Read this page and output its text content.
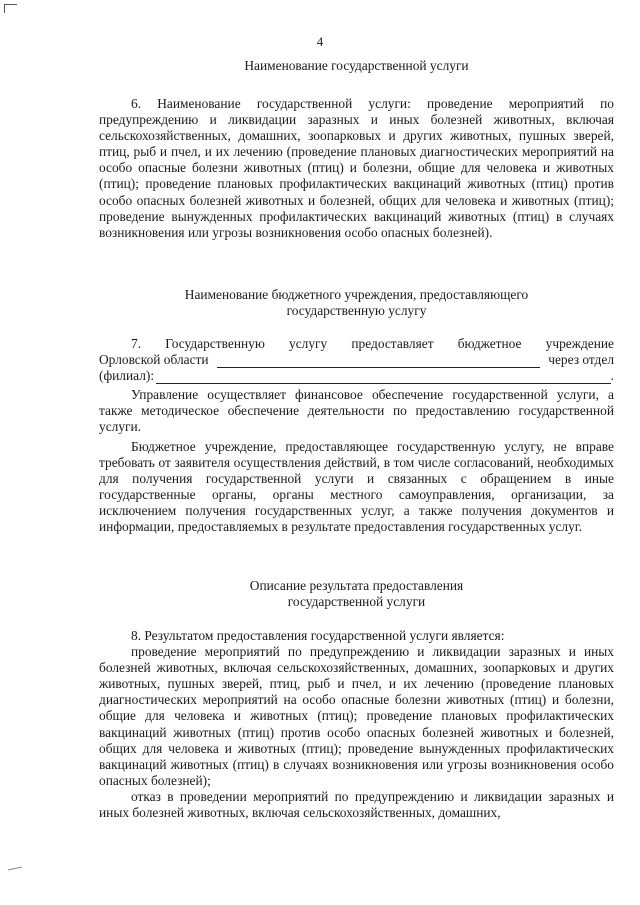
4
Наименование государственной услуги

6. Наименование государственной услуги: проведение мероприятий по предупреждению и ликвидации заразных и иных болезней животных, включая сельскохозяйственных, домашних, зоопарковых и других животных, пушных зверей, птиц, рыб и пчел, и их лечению (проведение плановых диагностических мероприятий на особо опасные болезни животных (птиц) и болезни, общие для человека и животных (птиц); проведение плановых профилактических вакцинаций животных (птиц) против особо опасных болезней животных и болезней, общих для человека и животных (птиц); проведение вынужденных профилактических вакцинаций животных (птиц) в случаях возникновения или угрозы возникновения особо опасных болезней).

Наименование бюджетного учреждения, предоставляющего
государственную услугу
7. Государственную услугу предоставляет бюджетное учреждение
Орловской области	через отдел
(филиал):	.

Управление осуществляет финансовое обеспечение государственной услуги, а также методическое обеспечение деятельности по предоставлению государственной услуги.

Бюджетное учреждение, предоставляющее государственную услугу, не вправе требовать от заявителя осуществления действий, в том числе согласований, необходимых для получения государственной услуги и связанных с обращением в иные государственные органы, органы местного самоуправления, организации, за исключением получения государственных услуг, а также получения документов и информации, предоставляемых в результате предоставления государственных услуг.

Описание результата предоставления
государственной услуги

8. Результатом предоставления государственной услуги является:

проведение мероприятий по предупреждению и ликвидации заразных и иных болезней животных, включая сельскохозяйственных, домашних, зоопарковых и других животных, пушных зверей, птиц, рыб и пчел, и их лечению (проведение плановых диагностических мероприятий на особо опасные болезни животных (птиц) и болезни, общие для человека и животных (птиц); проведение плановых профилактических вакцинаций животных (птиц) против особо опасных болезней животных и болезней, общих для человека и животных (птиц); проведение вынужденных профилактических вакцинаций животных (птиц) в случаях возникновения или угрозы возникновения особо опасных болезней);

отказ в проведении мероприятий по предупреждению и ликвидации заразных и иных болезней животных, включая сельскохозяйственных, домашних,
